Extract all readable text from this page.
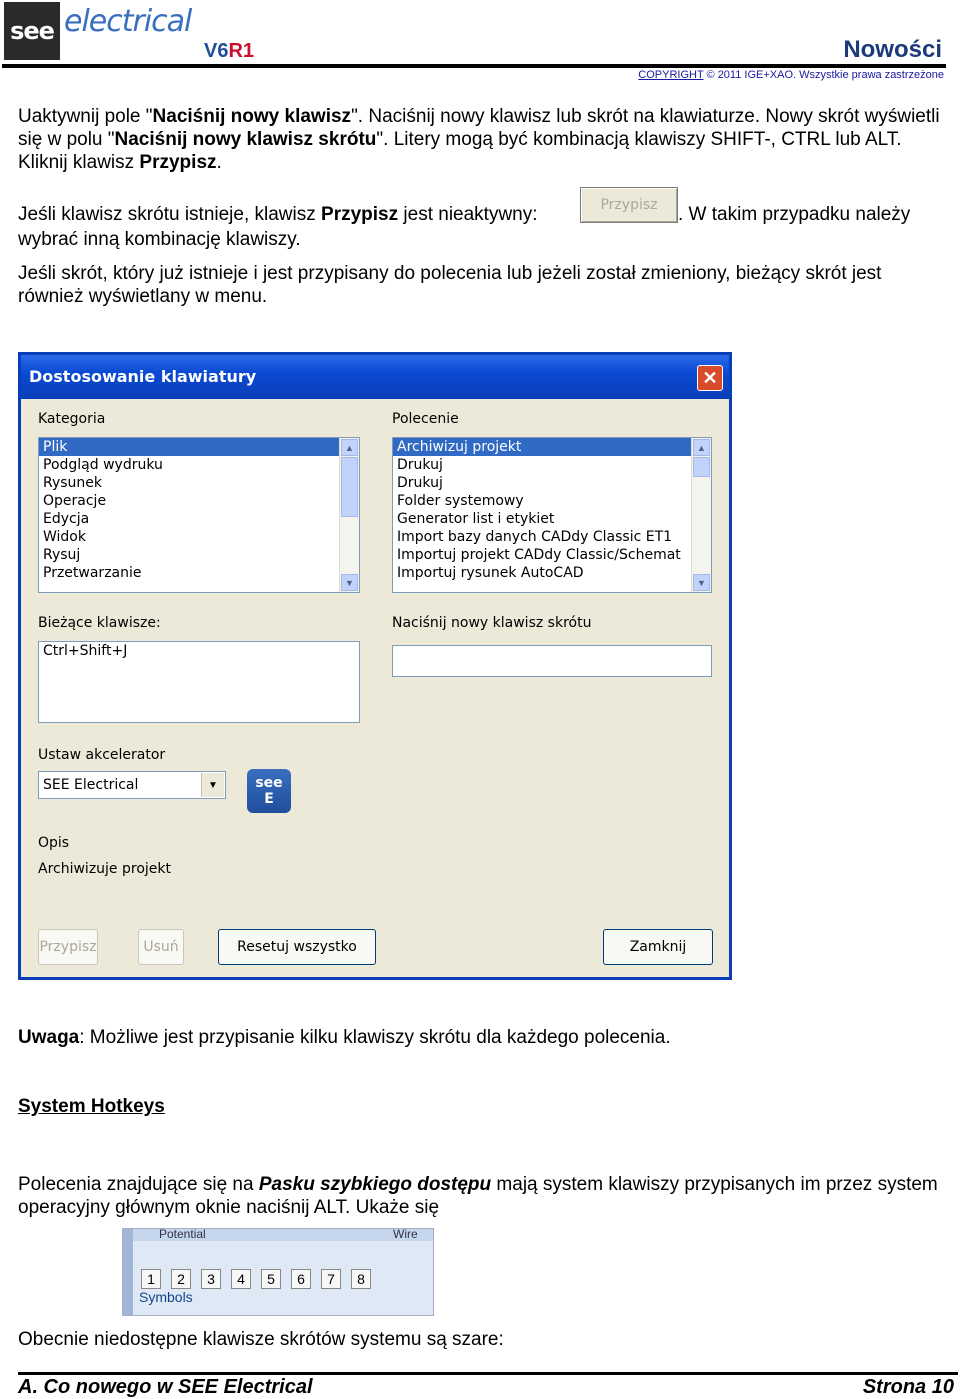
see electrical
V6R1	Nowości
COPYRIGHT © 2011 IGE+XAO. Wszystkie prawa zastrzeżone
Uaktywnij pole "Naciśnij nowy klawisz". Naciśnij nowy klawisz lub skrót na klawiaturze. Nowy skrót wyświetli się w polu "Naciśnij nowy klawisz skrótu". Litery mogą być kombinacją klawiszy SHIFT-, CTRL lub ALT. Kliknij klawisz Przypisz.
Jeśli klawisz skrótu istnieje, klawisz Przypisz jest nieaktywny:	Przypisz	. W takim przypadku należy
wybrać inną kombinację klawiszy.
Jeśli skrót, który już istnieje i jest przypisany do polecenia lub jeżeli został zmieniony, bieżący skrót jest również wyświetlany w menu.
Dostosowanie klawiatury	✕
Kategoria
Plik
Podgląd wydruku
Rysunek
Operacje
Edycja
Widok
Rysuj
Przetwarzanie
▲
▼
Polecenie
Archiwizuj projekt
Drukuj
Drukuj
Folder systemowy
Generator list i etykiet
Import bazy danych CADdy Classic ET1
Importuj projekt CADdy Classic/Schemat
Importuj rysunek AutoCAD
▲
▼
Bieżące klawisze:
Ctrl+Shift+J
Naciśnij nowy klawisz skrótu
Ustaw akcelerator
SEE Electrical	▼	see
E
Opis
Archiwizuje projekt
Przypisz	Usuń	Resetuj wszystko	Zamknij
Uwaga: Możliwe jest przypisanie kilku klawiszy skrótu dla każdego polecenia.
System Hotkeys
Polecenia znajdujące się na Pasku szybkiego dostępu mają system klawiszy przypisanych im przez system operacyjny głównym oknie naciśnij ALT. Ukaże się
Potential	Wire
1	2	3	4	5	6	7	8
Symbols
Obecnie niedostępne klawisze skrótów systemu są szare:
A. Co nowego w SEE Electrical	Strona 10
